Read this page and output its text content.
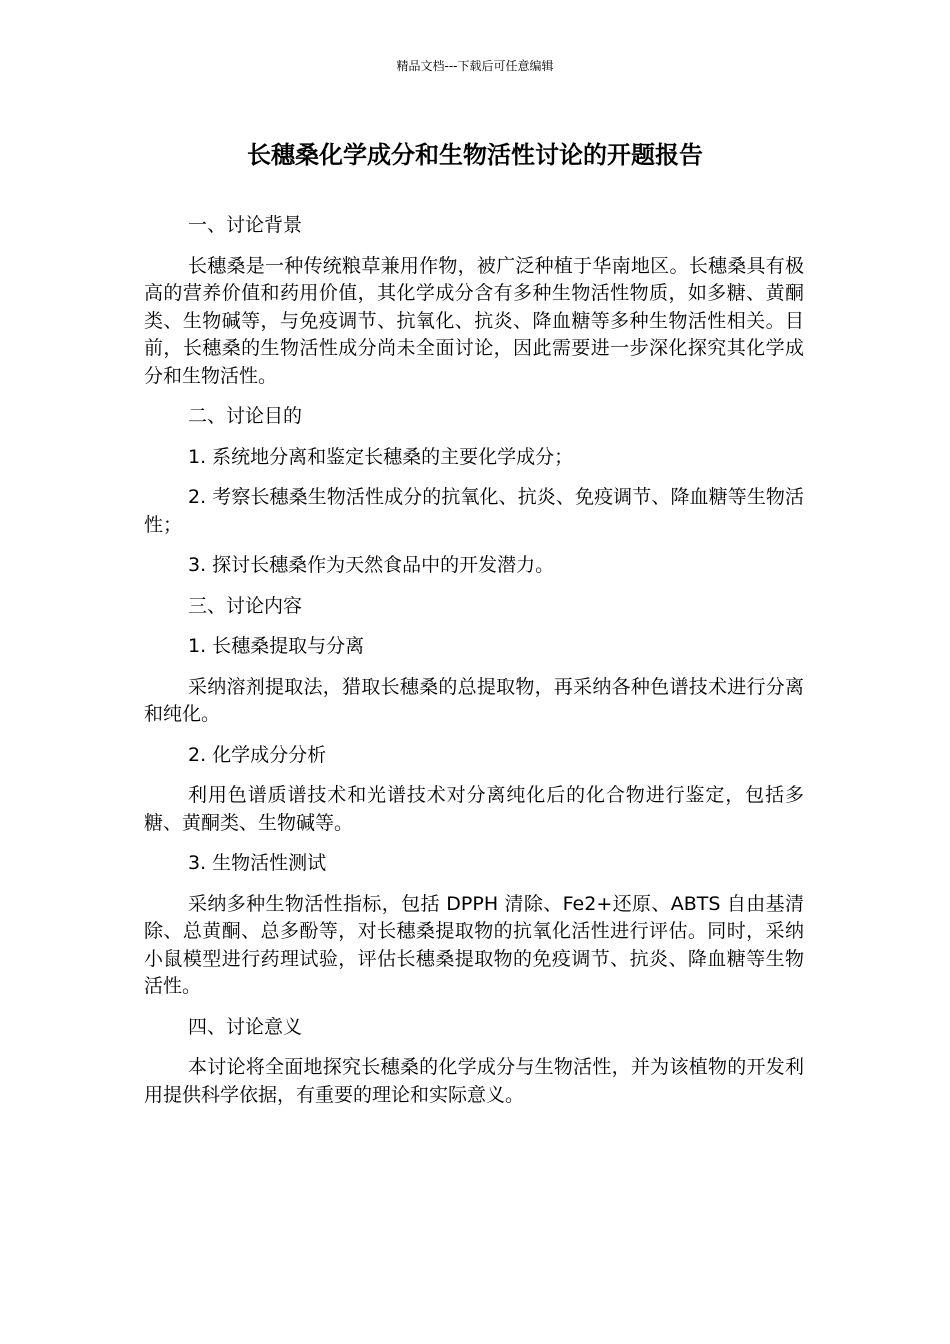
精品文档---下载后可任意编辑
长穗桑化学成分和生物活性讨论的开题报告

一、讨论背景

长穗桑是一种传统粮草兼用作物，被广泛种植于华南地区。长穗桑具有极高的营养价值和药用价值，其化学成分含有多种生物活性物质，如多糖、黄酮类、生物碱等，与免疫调节、抗氧化、抗炎、降血糖等多种生物活性相关。目前，长穗桑的生物活性成分尚未全面讨论，因此需要进一步深化探究其化学成分和生物活性。

二、讨论目的

1. 系统地分离和鉴定长穗桑的主要化学成分；

2. 考察长穗桑生物活性成分的抗氧化、抗炎、免疫调节、降血糖等生物活性；

3. 探讨长穗桑作为天然食品中的开发潜力。

三、讨论内容

1. 长穗桑提取与分离

采纳溶剂提取法，猎取长穗桑的总提取物，再采纳各种色谱技术进行分离和纯化。

2. 化学成分分析

利用色谱质谱技术和光谱技术对分离纯化后的化合物进行鉴定，包括多糖、黄酮类、生物碱等。

3. 生物活性测试

采纳多种生物活性指标，包括 DPPH 清除、Fe2+还原、ABTS 自由基清除、总黄酮、总多酚等，对长穗桑提取物的抗氧化活性进行评估。同时，采纳小鼠模型进行药理试验，评估长穗桑提取物的免疫调节、抗炎、降血糖等生物活性。

四、讨论意义

本讨论将全面地探究长穗桑的化学成分与生物活性，并为该植物的开发利用提供科学依据，有重要的理论和实际意义。
